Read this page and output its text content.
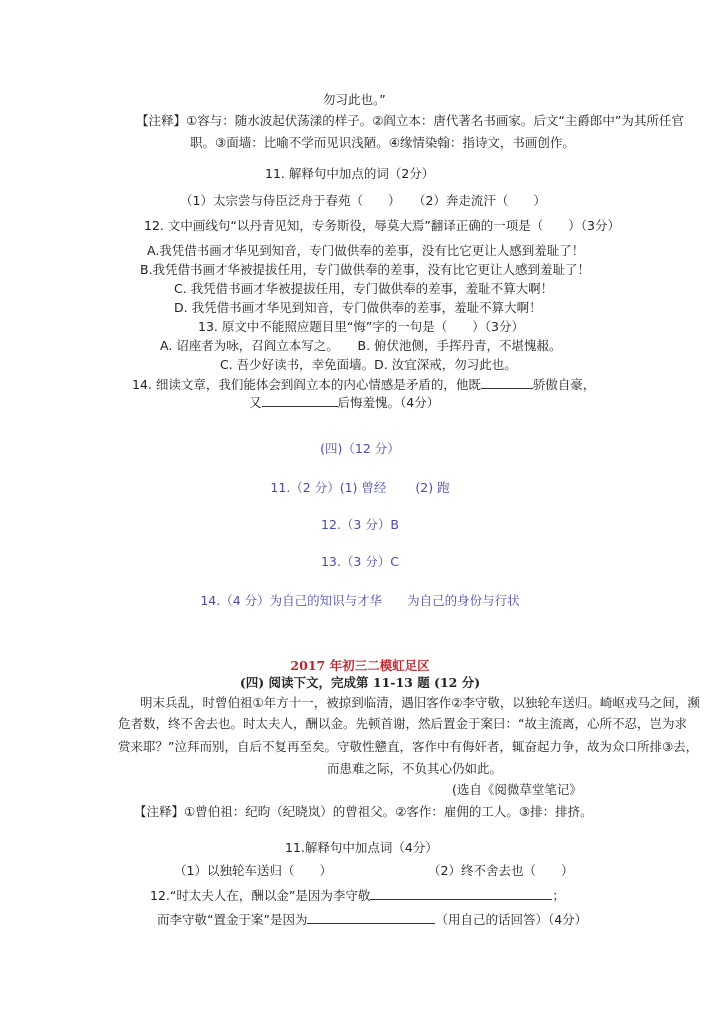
勿习此也。”
【注释】①容与：随水波起伏荡漾的样子。②阎立本：唐代著名书画家。后文“主爵郎中”为其所任官
职。③面墙：比喻不学而见识浅陋。④缘情染翰：指诗文，书画创作。
11. 解释句中加点的词（2分）
（1）太宗尝与侍臣泛舟于春苑（　　）　　（2）奔走流汗（　　）
12. 文中画线句“以丹青见知，专务斯役，辱莫大焉”翻译正确的一项是（　　）（3分）
A.我凭借书画才华见到知音，专门做供奉的差事，没有比它更让人感到羞耻了！
B.我凭借书画才华被提拔任用，专门做供奉的差事，没有比它更让人感到羞耻了！
C. 我凭借书画才华被提拔任用，专门做供奉的差事，羞耻不算大啊！
D. 我凭借书画才华见到知音，专门做供奉的差事，羞耻不算大啊！
13. 原文中不能照应题目里“悔”字的一句是（　　）（3分）
A. 诏座者为咏，召阎立本写之。　　B. 俯伏池侧，手挥丹青，不堪愧赧。
C. 吾少好读书，幸免面墙。D. 汝宜深戒，勿习此也。
14. 细读文章，我们能体会到阎立本的内心情感是矛盾的，他既	骄傲自豪，
又	后悔羞愧。（4分）
(四)（12 分）
11.（2 分）(1) 曾经　　 (2) 跑
12.（3 分）B
13.（3 分）C
14.（4 分）为自己的知识与才华　　为自己的身份与行状
2017 年初三二模虹足区
(四) 阅读下文，完成第 11-13 题 (12 分)
明末兵乱，时曾伯祖①年方十一，被掠到临清，遇旧客作②李守敬，以独轮车送归。崎岖戎马之间，濒
危者数，终不舍去也。时太夫人，酬以金。先顿首谢，然后置金于案曰：“故主流离，心所不忍，岂为求
赏来耶？”泣拜而别，自后不复再至矣。守敬性戆直，客作中有侮奸者，辄奋起力争，故为众口所排③去，
而患难之际，不负其心仍如此。
(选自《阅微草堂笔记》
【注释】①曾伯祖：纪昀（纪晓岚）的曾祖父。②客作：雇佣的工人。③排：排挤。
11.解释句中加点词（4分）
（1）以独轮车送归（　　）	（2）终不舍去也（　　）
12.“时太夫人在，酬以金”是因为李守敬	；
而李守敬“置金于案”是因为	（用自己的话回答）（4分）
